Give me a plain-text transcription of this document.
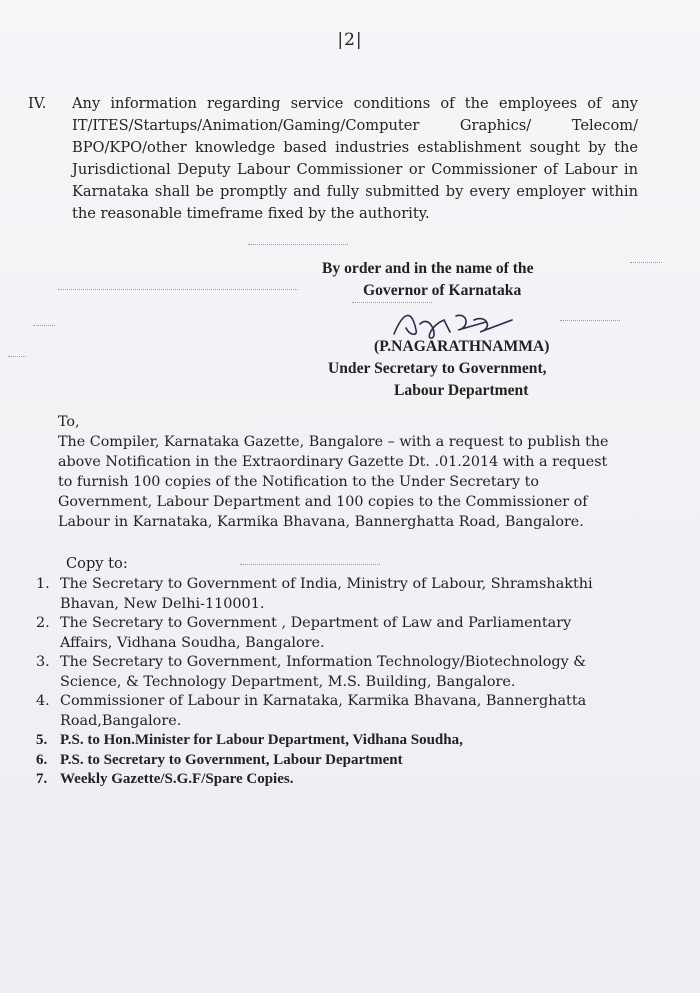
|2|
IV. Any information regarding service conditions of the employees of any IT/ITES/Startups/Animation/Gaming/Computer Graphics/ Telecom/ BPO/KPO/other knowledge based industries establishment sought by the Jurisdictional Deputy Labour Commissioner or Commissioner of Labour in Karnataka shall be promptly and fully submitted by every employer within the reasonable timeframe fixed by the authority.
By order and in the name of the
Governor of Karnataka
(P.NAGARATHNAMMA)
Under Secretary to Government,
Labour Department
To,
The Compiler, Karnataka Gazette, Bangalore – with a request to publish the above Notification in the Extraordinary Gazette Dt. .01.2014 with a request to furnish 100 copies of the Notification to the Under Secretary to Government, Labour Department and 100 copies to the Commissioner of Labour in Karnataka, Karmika Bhavana, Bannerghatta Road, Bangalore.
Copy to:
1. The Secretary to Government of India, Ministry of Labour, Shramshakthi Bhavan, New Delhi-110001.
2. The Secretary to Government , Department of Law and Parliamentary Affairs, Vidhana Soudha, Bangalore.
3. The Secretary to Government, Information Technology/Biotechnology & Science, & Technology Department, M.S. Building, Bangalore.
4. Commissioner of Labour in Karnataka, Karmika Bhavana, Bannerghatta Road,Bangalore.
5. P.S. to Hon.Minister for Labour Department, Vidhana Soudha,
6. P.S. to Secretary to Government, Labour Department
7. Weekly Gazette/S.G.F/Spare Copies.
